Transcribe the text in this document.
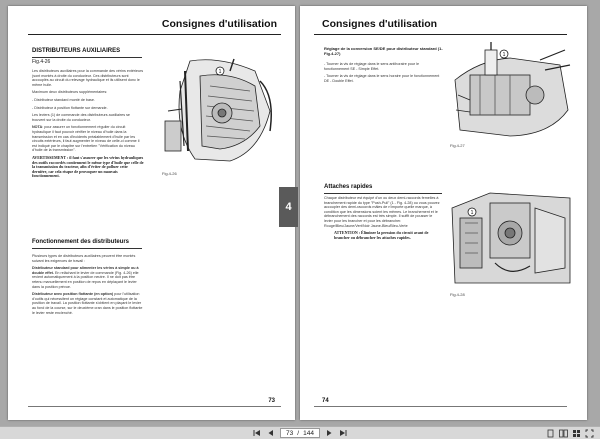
Consignes d'utilisation
DISTRIBUTEURS AUXILIAIRES
Fig.4-26

Les distributeurs auxiliaires pour la commande des vérins extérieurs (sont montés à droite du conducteur. Ces distributeurs sont accouplés au circuit du relevage hydraulique et ils utilisent donc le même huile.

Maximum deux distributeurs supplémentaires:

- Distributeur standard monté de base.

- Distributeur à position flottante sur demande.

Les leviers (1) de commande des distributeurs auxiliaires se trouvent sur la droite du conducteur.

NOTA: pour assurer un fonctionnement régulier du circuit hydraulique il faut pouvoir vérifier le niveau d'huile dans la transmission et en cas d'incidents préalablement d'huile par les circuits extérieurs, il faut augmenter le niveau de celle-ci comme il est indiqué par le chapitre sur l'entretien "Vérification du niveau d'huile de la transmission".

AVERTISSEMENT : il faut s'assurer que les vérins hydrauliques des outils raccordés contiennent le même type d'huile que celle de la transmission du tracteur, afin d'éviter de polluer cette dernière, car cela risque de provoquer un mauvais fonctionnement.

Fonctionnement des distributeurs

Plusieurs types de distributeurs auxiliaires peuvent être montés suivant les exigences de travail :

Distributeur standard pour alimenter les vérins à simple ou à double effet. En relâchant le levier de commande (Fig. 4-26) elle revient automatiquement à la position neutre. Il ne doit pas être retenu manuellement en position de repos en déplaçant le levier dans la position prévue.

Distributeur avec position flottante (en option) pour l'utilisation d'outils qui nécessitent un réglage constant et automatique de la position de travail. La position flottante s'obtient en plaçant le levier au fond de la course, sur le deuxième cran dans le position flottante le levier reste enclenché.

1
Fig.4-26
73
4
Consignes d'utilisation
Réglage de la conversion SE/DE pour distributeur standard (1-Fig.4-27)

- Tourner la vis de réglage dans le sens antihoraire pour le fonctionnement SE - Simple Effet.

- Tourner la vis de réglage dans le sens horaire pour le fonctionnement DE - Double Effet.

1
Fig.4-27
Attaches rapides

Chaque distributeur est équipé d'un ou deux demi-raccords femelles à branchement rapide du type "Push-Pull" (1 - Fig. 4-28) ou vous pouvez accoupler des demi-raccords mâles de n'importe quelle marque, à condition que les dimensions soient les mêmes. Le branchement et le débranchement des raccords est très simple. Il suffit de pousser le levier pour les brancher et pour les débrancher. Rouge/Bleu/Jaune/Vert/Noir Jaune-Bleu/Bleu-Verte

ATTENTION : Éliminer la pression du circuit avant de brancher ou débrancher les attaches rapides.

1
Fig.4-28
74
73 / 144
